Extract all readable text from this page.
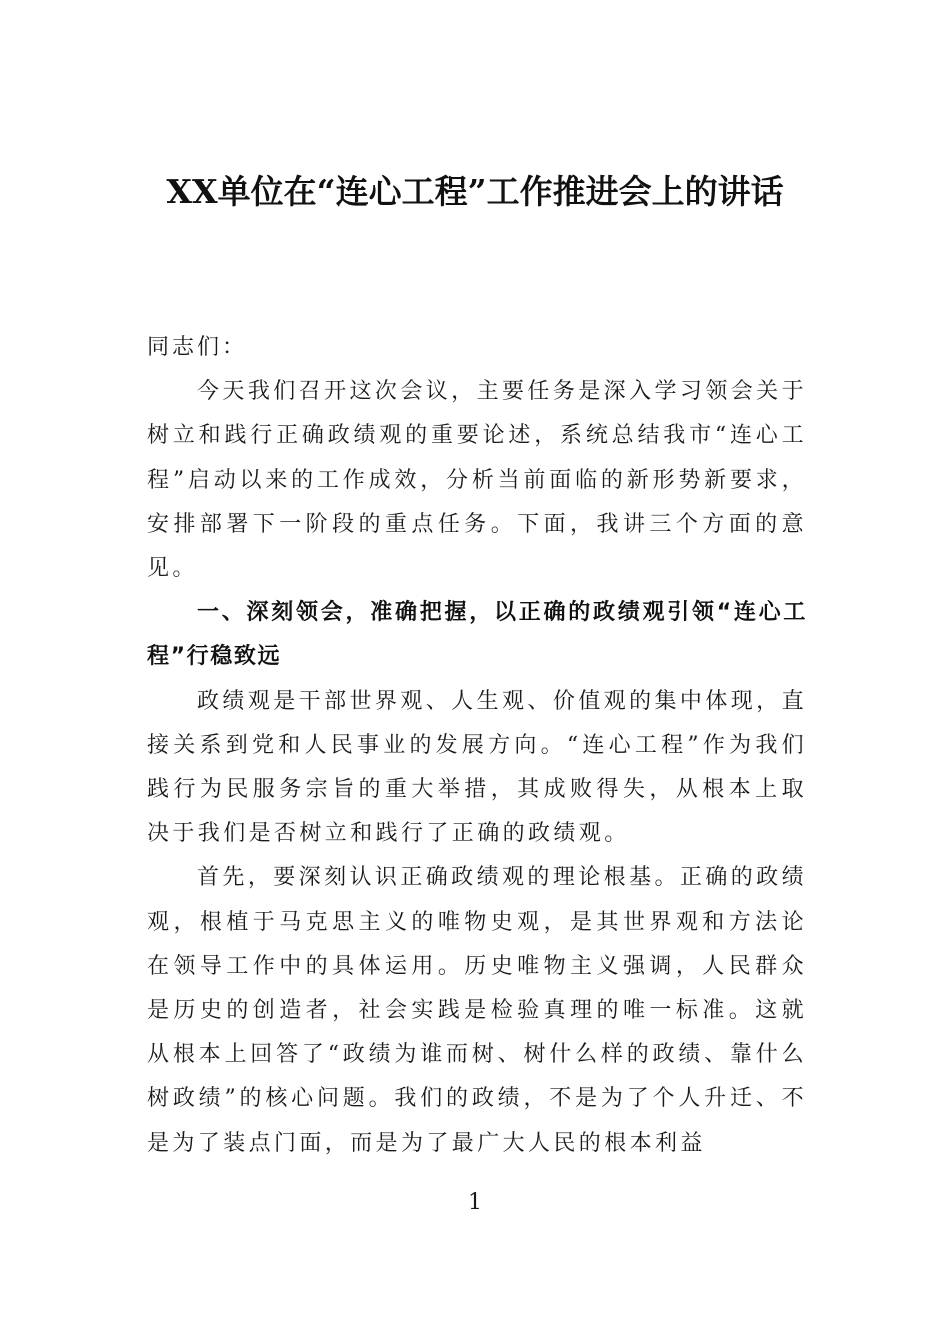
XX单位在“连心工程”工作推进会上的讲话

同志们：

今天我们召开这次会议，主要任务是深入学习领会关于树立和践行正确政绩观的重要论述，系统总结我市“连心工程”启动以来的工作成效，分析当前面临的新形势新要求，安排部署下一阶段的重点任务。下面，我讲三个方面的意见。

一、深刻领会，准确把握，以正确的政绩观引领“连心工程”行稳致远

政绩观是干部世界观、人生观、价值观的集中体现，直接关系到党和人民事业的发展方向。“连心工程”作为我们践行为民服务宗旨的重大举措，其成败得失，从根本上取决于我们是否树立和践行了正确的政绩观。

首先，要深刻认识正确政绩观的理论根基。正确的政绩观，根植于马克思主义的唯物史观，是其世界观和方法论在领导工作中的具体运用。历史唯物主义强调，人民群众是历史的创造者，社会实践是检验真理的唯一标准。这就从根本上回答了“政绩为谁而树、树什么样的政绩、靠什么树政绩”的核心问题。我们的政绩，不是为了个人升迁、不是为了装点门面，而是为了最广大人民的根本利益

1
